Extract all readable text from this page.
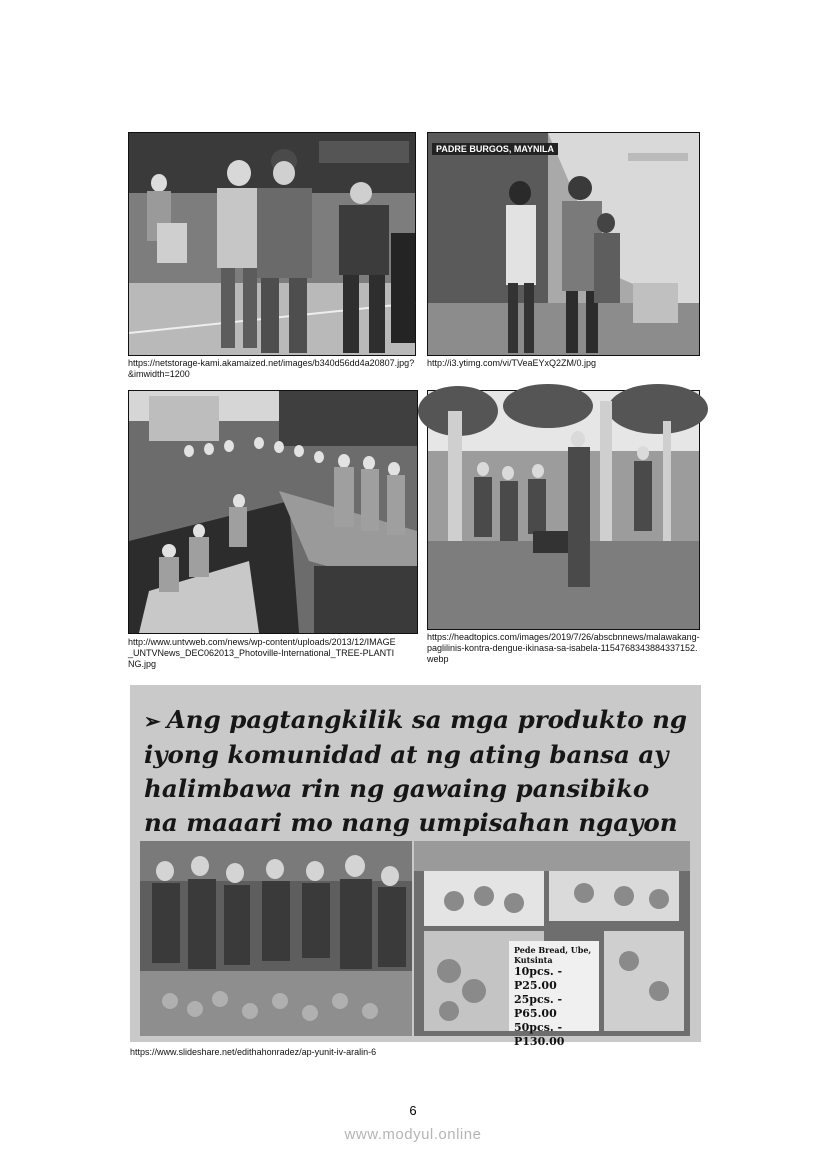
https://netstorage-kami.akamaized.net/images/b340d56dd4a20807.jpg?&imwidth=1200
PADRE BURGOS, MAYNILA
http://i3.ytimg.com/vi/TVeaEYxQ2ZM/0.jpg
http://www.untvweb.com/news/wp-content/uploads/2013/12/IMAGE_UNTVNews_DEC062013_Photoville-International_TREE-PLANTING.jpg
https://headtopics.com/images/2019/7/26/abscbnnews/malawakang-paglilinis-kontra-dengue-ikinasa-sa-isabela-1154768343884337152.webp
➢ Ang pagtangkilik sa mga produkto ng iyong komunidad at ng ating bansa ay halimbawa rin ng gawaing pansibiko na maaari mo nang umpisahan ngayon
Pede Bread, Ube, Kutsinta
10pcs. - P25.00
25pcs. - P65.00
50pcs. - P130.00
https://www.slideshare.net/edithahonradez/ap-yunit-iv-aralin-6
6
www.modyul.online
